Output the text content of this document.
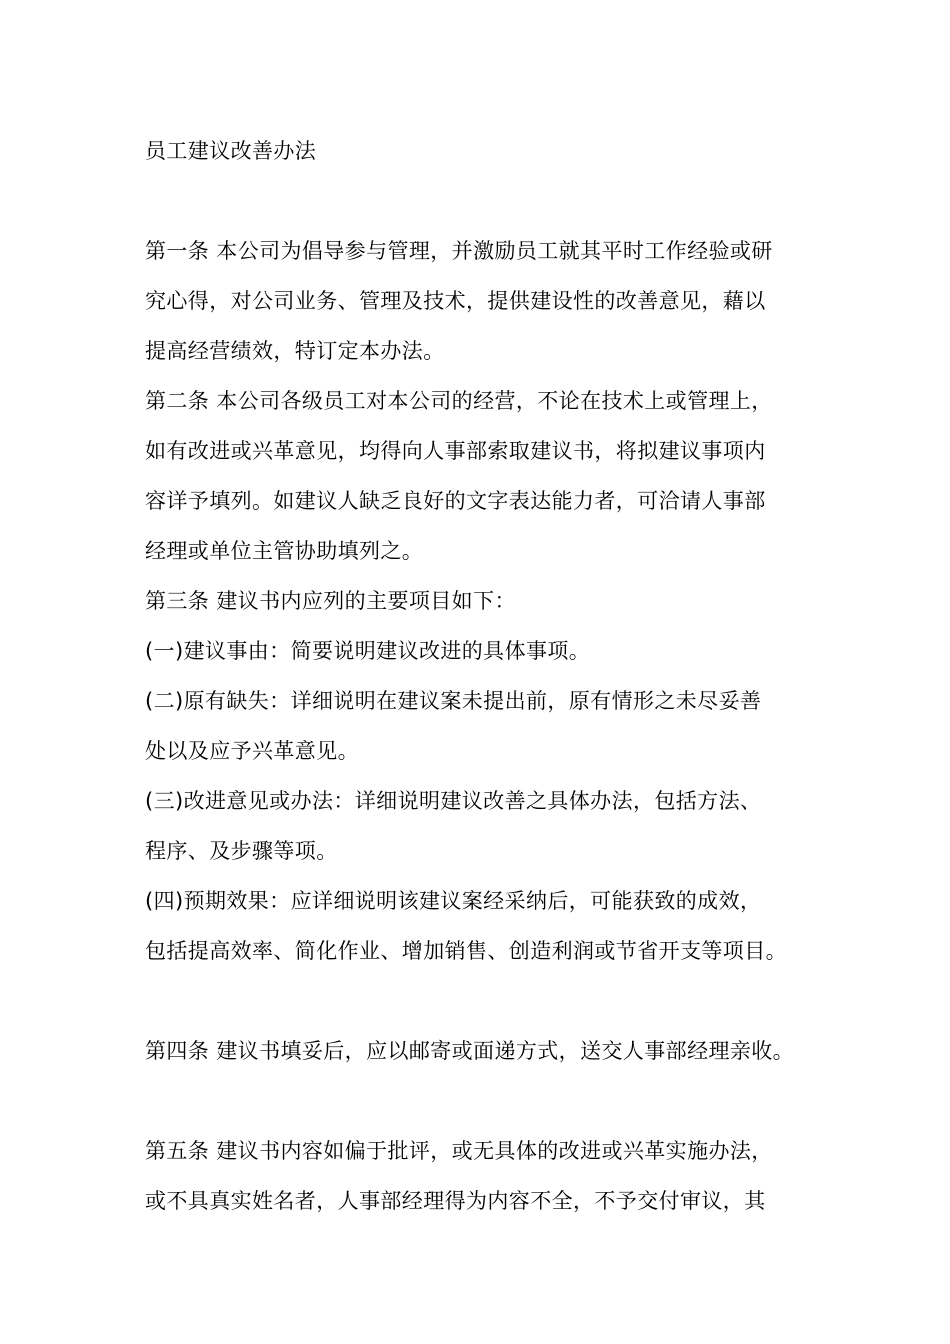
员工建议改善办法
第一条 本公司为倡导参与管理，并激励员工就其平时工作经验或研
究心得，对公司业务、管理及技术，提供建设性的改善意见，藉以
提高经营绩效，特订定本办法。
第二条 本公司各级员工对本公司的经营，不论在技术上或管理上，
如有改进或兴革意见，均得向人事部索取建议书，将拟建议事项内
容详予填列。如建议人缺乏良好的文字表达能力者，可洽请人事部
经理或单位主管协助填列之。
第三条 建议书内应列的主要项目如下：
(一)建议事由：简要说明建议改进的具体事项。
(二)原有缺失：详细说明在建议案未提出前，原有情形之未尽妥善
处以及应予兴革意见。
(三)改进意见或办法：详细说明建议改善之具体办法，包括方法、
程序、及步骤等项。
(四)预期效果：应详细说明该建议案经采纳后，可能获致的成效，
包括提高效率、简化作业、增加销售、创造利润或节省开支等项目。
第四条 建议书填妥后，应以邮寄或面递方式，送交人事部经理亲收。
第五条 建议书内容如偏于批评，或无具体的改进或兴革实施办法，
或不具真实姓名者，人事部经理得为内容不全，不予交付审议，其
